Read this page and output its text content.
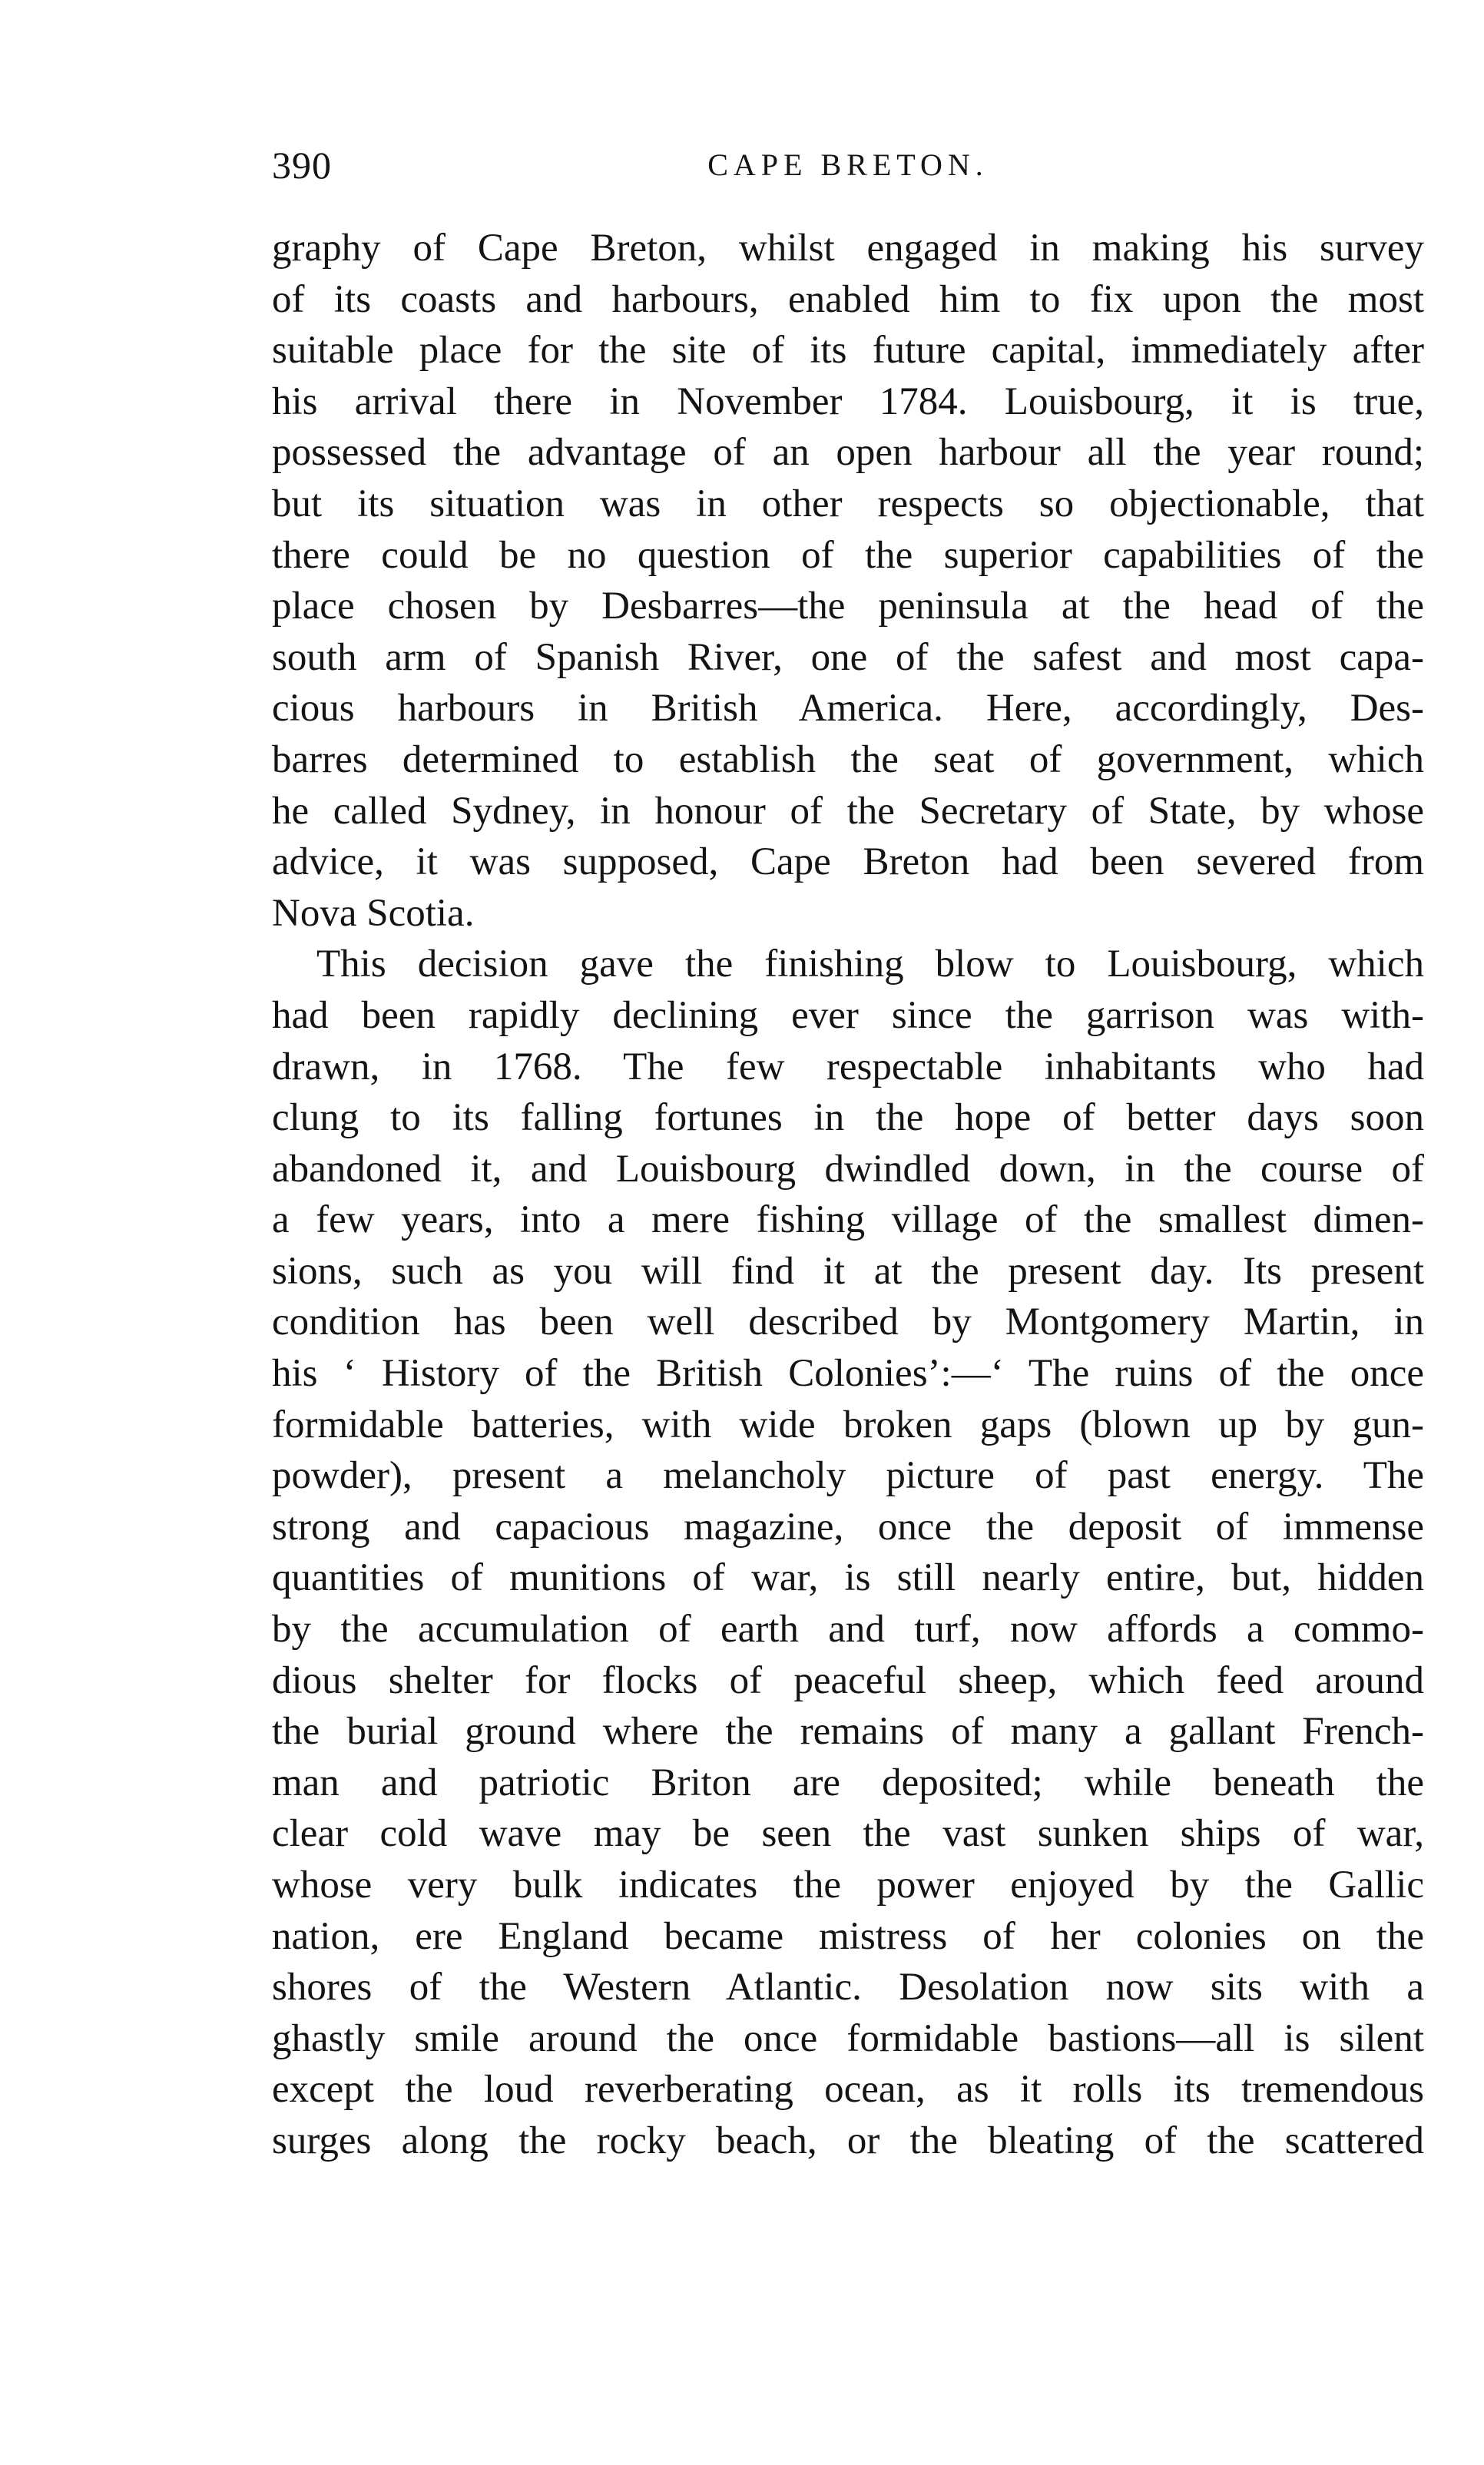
390	CAPE BRETON.
graphy of Cape Breton, whilst engaged in making his survey
of its coasts and harbours, enabled him to fix upon the most
suitable place for the site of its future capital, immediately after
his arrival there in November 1784. Louisbourg, it is true,
possessed the advantage of an open harbour all the year round;
but its situation was in other respects so objectionable, that
there could be no question of the superior capabilities of the
place chosen by Desbarres—the peninsula at the head of the
south arm of Spanish River, one of the safest and most capa-
cious harbours in British America. Here, accordingly, Des-
barres determined to establish the seat of government, which
he called Sydney, in honour of the Secretary of State, by whose
advice, it was supposed, Cape Breton had been severed from
Nova Scotia.
This decision gave the finishing blow to Louisbourg, which
had been rapidly declining ever since the garrison was with-
drawn, in 1768. The few respectable inhabitants who had
clung to its falling fortunes in the hope of better days soon
abandoned it, and Louisbourg dwindled down, in the course of
a few years, into a mere fishing village of the smallest dimen-
sions, such as you will find it at the present day. Its present
condition has been well described by Montgomery Martin, in
his ‘ History of the British Colonies’:—‘ The ruins of the once
formidable batteries, with wide broken gaps (blown up by gun-
powder), present a melancholy picture of past energy. The
strong and capacious magazine, once the deposit of immense
quantities of munitions of war, is still nearly entire, but, hidden
by the accumulation of earth and turf, now affords a commo-
dious shelter for flocks of peaceful sheep, which feed around
the burial ground where the remains of many a gallant French-
man and patriotic Briton are deposited; while beneath the
clear cold wave may be seen the vast sunken ships of war,
whose very bulk indicates the power enjoyed by the Gallic
nation, ere England became mistress of her colonies on the
shores of the Western Atlantic. Desolation now sits with a
ghastly smile around the once formidable bastions—all is silent
except the loud reverberating ocean, as it rolls its tremendous
surges along the rocky beach, or the bleating of the scattered
